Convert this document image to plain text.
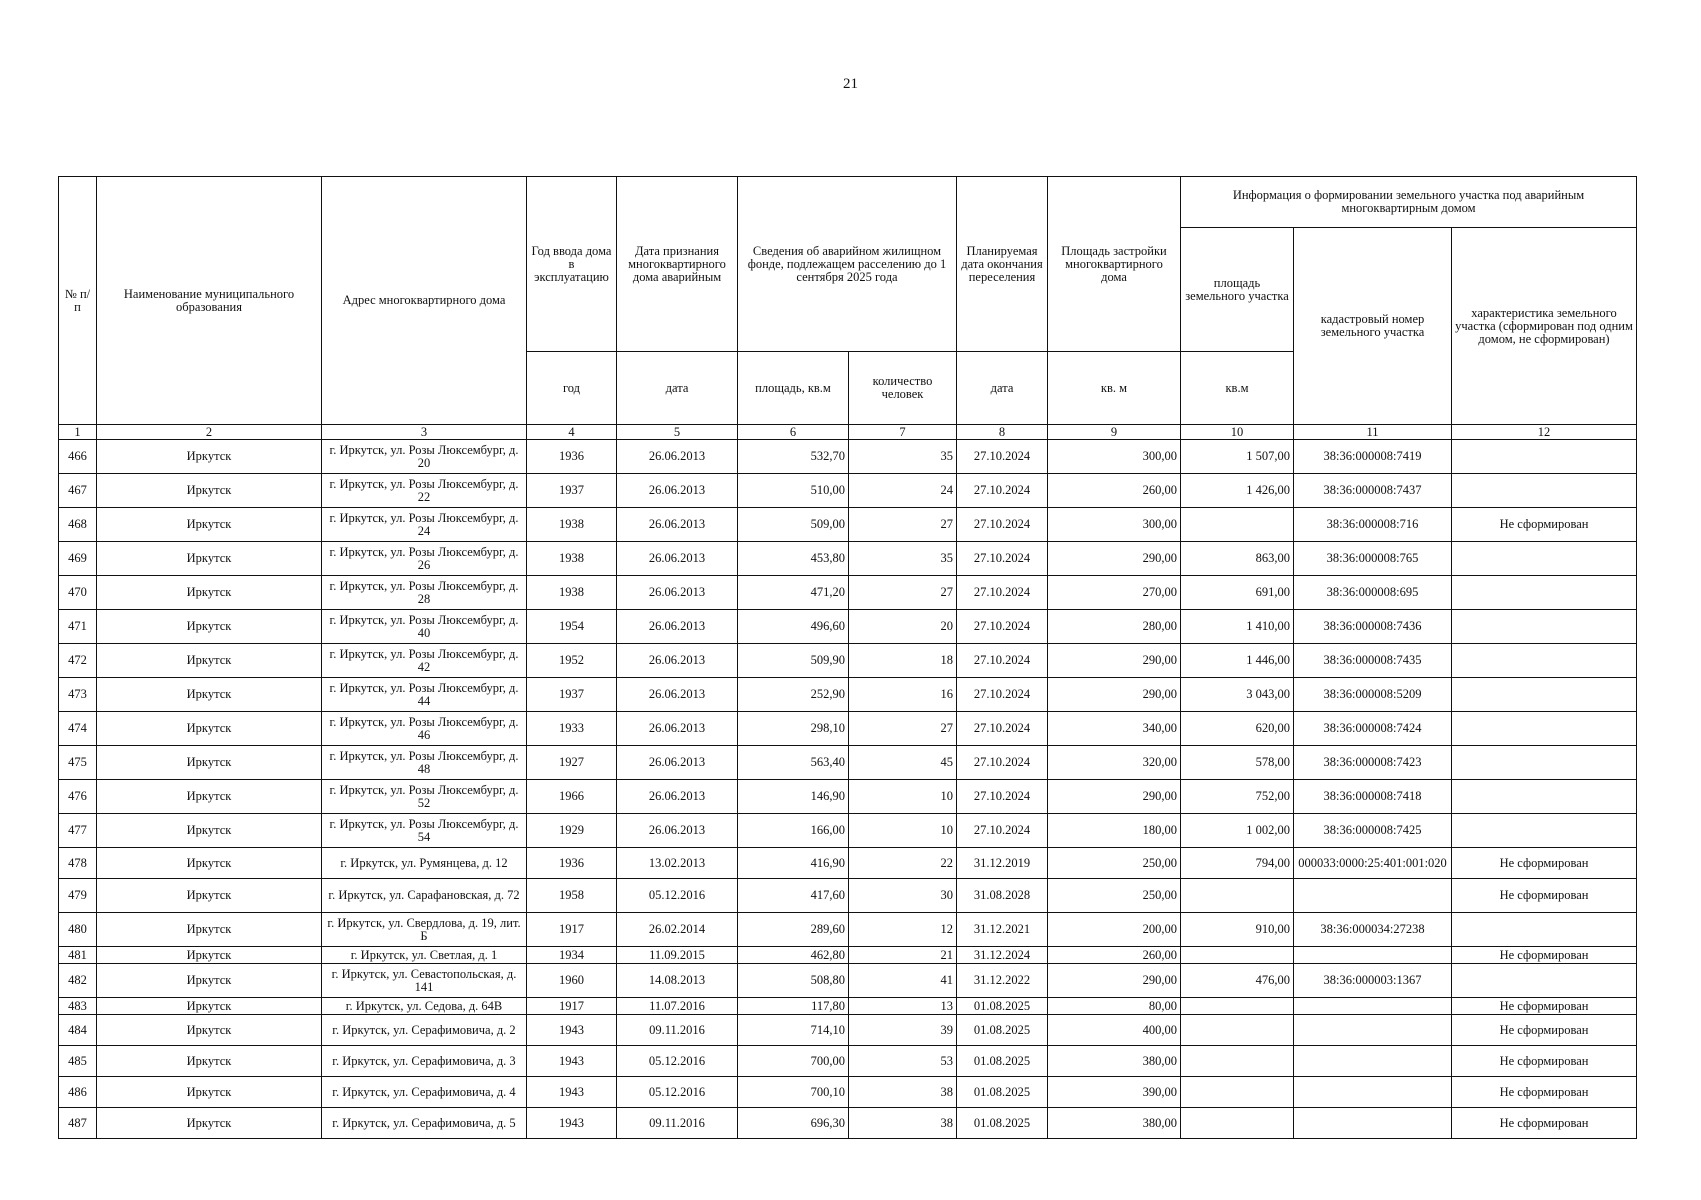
21
№ п/п	Наименование муниципального образования	Адрес многоквартирного дома	Год ввода дома в эксплуатацию	Дата признания многоквартирного дома аварийным	Сведения об аварийном жилищном фонде, подлежащем расселению до 1 сентября 2025 года		Планируемая дата окончания переселения	Площадь застройки многоквартирного дома	Информация о формировании земельного участка под аварийным многоквартирным домом		
									площадь земельного участка	кадастровый номер земельного участка	характеристика земельного участка (сформирован под одним домом, не сформирован)
			год	дата	площадь, кв.м	количество человек	дата	кв. м	кв.м		
1	2	3	4	5	6	7	8	9	10	11	12
466	Иркутск	г. Иркутск, ул. Розы Люксембург, д. 20	1936	26.06.2013	532,70	35	27.10.2024	300,00	1 507,00	38:36:000008:7419	
467	Иркутск	г. Иркутск, ул. Розы Люксембург, д. 22	1937	26.06.2013	510,00	24	27.10.2024	260,00	1 426,00	38:36:000008:7437	
468	Иркутск	г. Иркутск, ул. Розы Люксембург, д. 24	1938	26.06.2013	509,00	27	27.10.2024	300,00		38:36:000008:716	Не сформирован
469	Иркутск	г. Иркутск, ул. Розы Люксембург, д. 26	1938	26.06.2013	453,80	35	27.10.2024	290,00	863,00	38:36:000008:765	
470	Иркутск	г. Иркутск, ул. Розы Люксембург, д. 28	1938	26.06.2013	471,20	27	27.10.2024	270,00	691,00	38:36:000008:695	
471	Иркутск	г. Иркутск, ул. Розы Люксембург, д. 40	1954	26.06.2013	496,60	20	27.10.2024	280,00	1 410,00	38:36:000008:7436	
472	Иркутск	г. Иркутск, ул. Розы Люксембург, д. 42	1952	26.06.2013	509,90	18	27.10.2024	290,00	1 446,00	38:36:000008:7435	
473	Иркутск	г. Иркутск, ул. Розы Люксембург, д. 44	1937	26.06.2013	252,90	16	27.10.2024	290,00	3 043,00	38:36:000008:5209	
474	Иркутск	г. Иркутск, ул. Розы Люксембург, д. 46	1933	26.06.2013	298,10	27	27.10.2024	340,00	620,00	38:36:000008:7424	
475	Иркутск	г. Иркутск, ул. Розы Люксембург, д. 48	1927	26.06.2013	563,40	45	27.10.2024	320,00	578,00	38:36:000008:7423	
476	Иркутск	г. Иркутск, ул. Розы Люксембург, д. 52	1966	26.06.2013	146,90	10	27.10.2024	290,00	752,00	38:36:000008:7418	
477	Иркутск	г. Иркутск, ул. Розы Люксембург, д. 54	1929	26.06.2013	166,00	10	27.10.2024	180,00	1 002,00	38:36:000008:7425	
478	Иркутск	г. Иркутск, ул. Румянцева, д. 12	1936	13.02.2013	416,90	22	31.12.2019	250,00	794,00	000033:0000:25:401:001:020	Не сформирован
479	Иркутск	г. Иркутск, ул. Сарафановская, д. 72	1958	05.12.2016	417,60	30	31.08.2028	250,00			Не сформирован
480	Иркутск	г. Иркутск, ул. Свердлова, д. 19, лит. Б	1917	26.02.2014	289,60	12	31.12.2021	200,00	910,00	38:36:000034:27238	
481	Иркутск	г. Иркутск, ул. Светлая, д. 1	1934	11.09.2015	462,80	21	31.12.2024	260,00			Не сформирован
482	Иркутск	г. Иркутск, ул. Севастопольская, д. 141	1960	14.08.2013	508,80	41	31.12.2022	290,00	476,00	38:36:000003:1367	
483	Иркутск	г. Иркутск, ул. Седова, д. 64В	1917	11.07.2016	117,80	13	01.08.2025	80,00			Не сформирован
484	Иркутск	г. Иркутск, ул. Серафимовича, д. 2	1943	09.11.2016	714,10	39	01.08.2025	400,00			Не сформирован
485	Иркутск	г. Иркутск, ул. Серафимовича, д. 3	1943	05.12.2016	700,00	53	01.08.2025	380,00			Не сформирован
486	Иркутск	г. Иркутск, ул. Серафимовича, д. 4	1943	05.12.2016	700,10	38	01.08.2025	390,00			Не сформирован
487	Иркутск	г. Иркутск, ул. Серафимовича, д. 5	1943	09.11.2016	696,30	38	01.08.2025	380,00			Не сформирован
